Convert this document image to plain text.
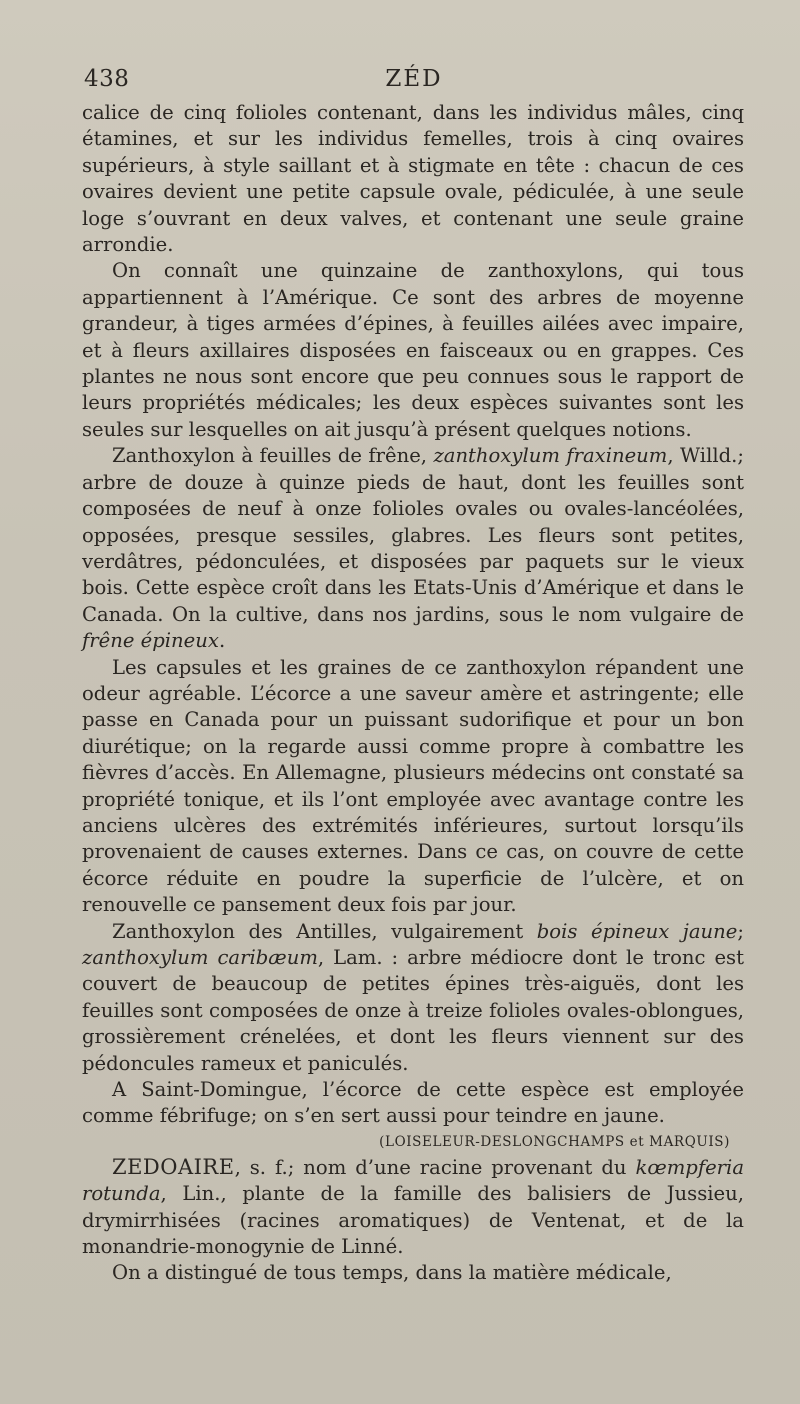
438	ZÉD

calice de cinq folioles contenant, dans les individus mâles, cinq étamines, et sur les individus femelles, trois à cinq ovaires supérieurs, à style saillant et à stigmate en tête : chacun de ces ovaires devient une petite capsule ovale, pédiculée, à une seule loge s’ouvrant en deux valves, et contenant une seule graine arrondie.

On connaît une quinzaine de zanthoxylons, qui tous appartiennent à l’Amérique. Ce sont des arbres de moyenne grandeur, à tiges armées d’épines, à feuilles ailées avec impaire, et à fleurs axillaires disposées en faisceaux ou en grappes. Ces plantes ne nous sont encore que peu connues sous le rapport de leurs propriétés médicales; les deux espèces suivantes sont les seules sur lesquelles on ait jusqu’à présent quelques notions.

Zanthoxylon à feuilles de frêne, zanthoxylum fraxineum, Willd.; arbre de douze à quinze pieds de haut, dont les feuilles sont composées de neuf à onze folioles ovales ou ovales-lancéolées, opposées, presque sessiles, glabres. Les fleurs sont petites, verdâtres, pédonculées, et disposées par paquets sur le vieux bois. Cette espèce croît dans les Etats-Unis d’Amérique et dans le Canada. On la cultive, dans nos jardins, sous le nom vulgaire de frêne épineux.

Les capsules et les graines de ce zanthoxylon répandent une odeur agréable. L’écorce a une saveur amère et astringente; elle passe en Canada pour un puissant sudorifique et pour un bon diurétique; on la regarde aussi comme propre à combattre les fièvres d’accès. En Allemagne, plusieurs médecins ont constaté sa propriété tonique, et ils l’ont employée avec avantage contre les anciens ulcères des extrémités inférieures, surtout lorsqu’ils provenaient de causes externes. Dans ce cas, on couvre de cette écorce réduite en poudre la superficie de l’ulcère, et on renouvelle ce pansement deux fois par jour.

Zanthoxylon des Antilles, vulgairement bois épineux jaune; zanthoxylum caribæum, Lam. : arbre médiocre dont le tronc est couvert de beaucoup de petites épines très-aiguës, dont les feuilles sont composées de onze à treize folioles ovales-oblongues, grossièrement crénelées, et dont les fleurs viennent sur des pédoncules rameux et paniculés.

A Saint-Domingue, l’écorce de cette espèce est employée comme fébrifuge; on s’en sert aussi pour teindre en jaune.

(LOISELEUR-DESLONGCHAMPS et MARQUIS)

ZEDOAIRE, s. f.; nom d’une racine provenant du kœmpferia rotunda, Lin., plante de la famille des balisiers de Jussieu, drymirrhisées (racines aromatiques) de Ventenat, et de la monandrie-monogynie de Linné.

On a distingué de tous temps, dans la matière médicale,
